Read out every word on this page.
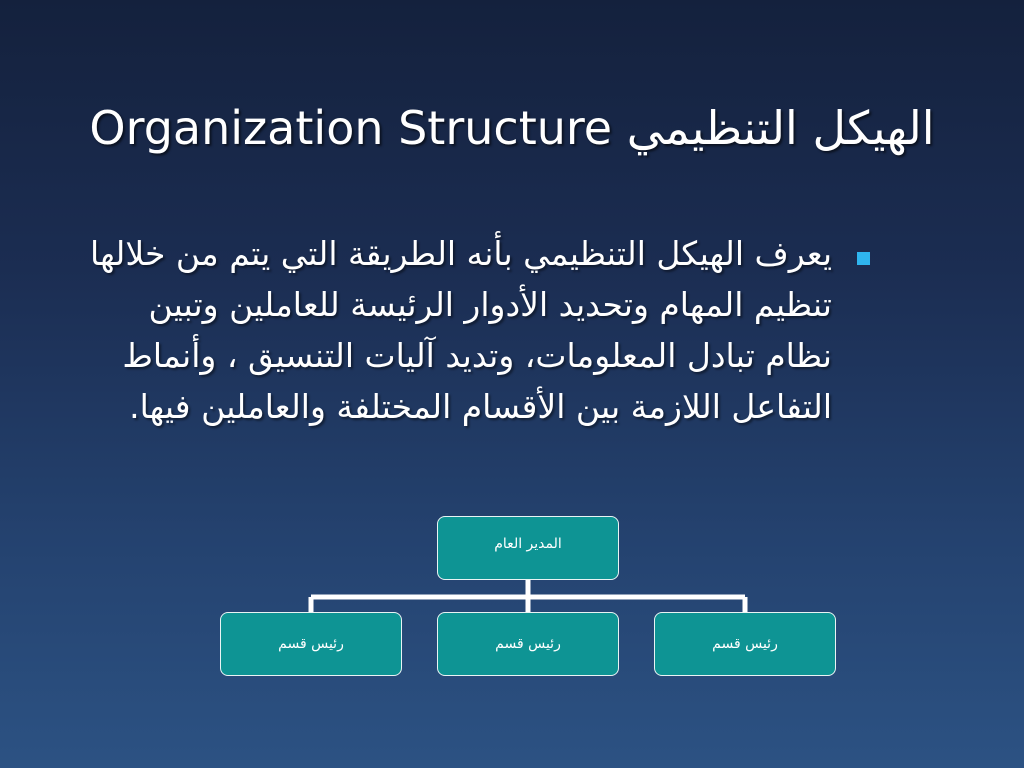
Organization Structure الهيكل التنظيمي
يعرف الهيكل التنظيمي بأنه الطريقة التي يتم من خلالها تنظيم المهام وتحديد الأدوار الرئيسة للعاملين وتبين نظام تبادل المعلومات، وتديد آليات التنسيق ، وأنماط التفاعل اللازمة بين الأقسام المختلفة والعاملين فيها.
المدير العام
رئيس قسم	رئيس قسم	رئيس قسم
